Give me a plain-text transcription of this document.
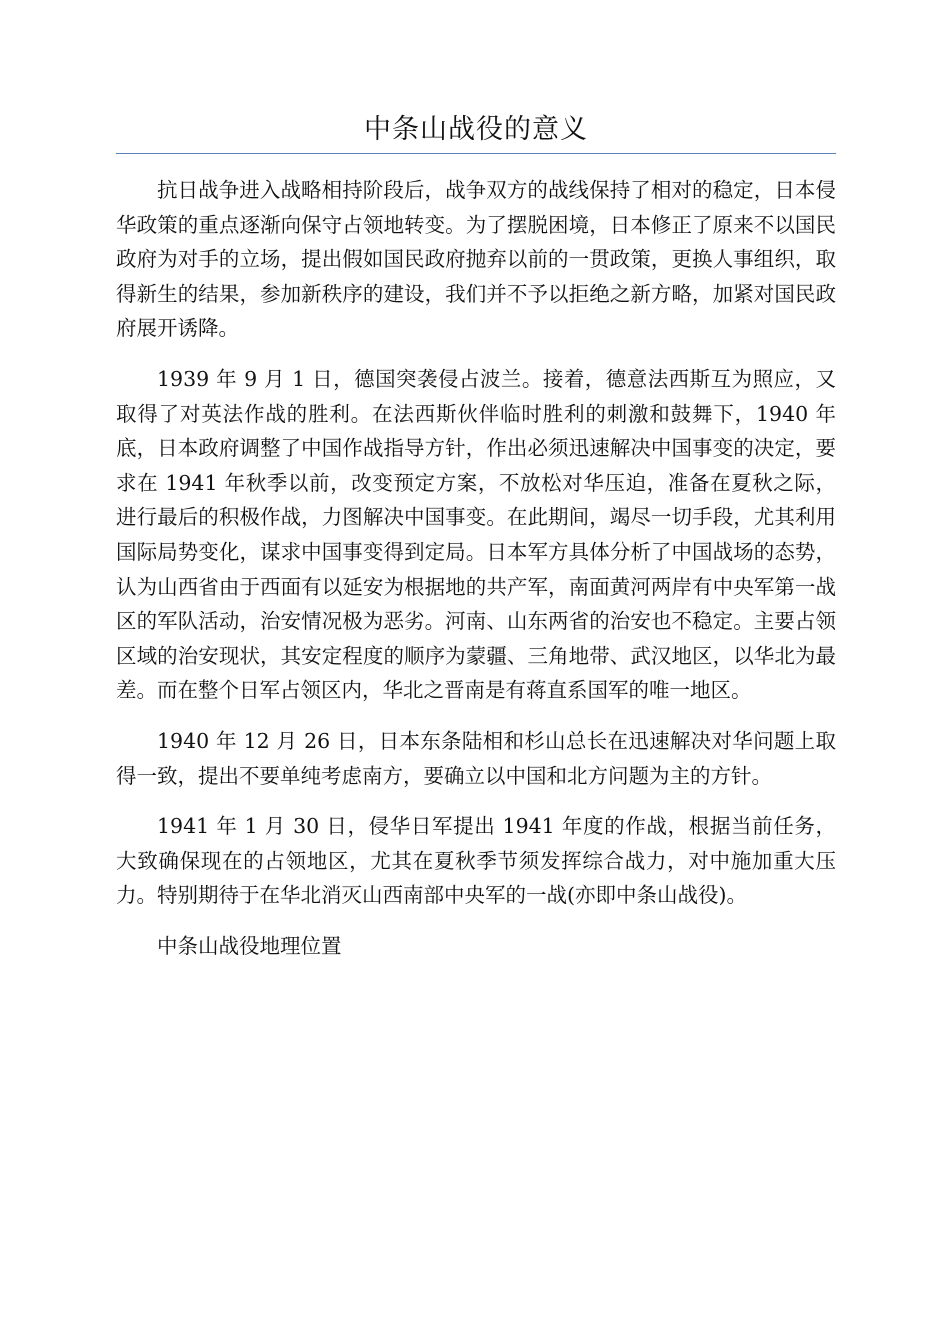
中条山战役的意义

抗日战争进入战略相持阶段后，战争双方的战线保持了相对的稳定，日本侵华政策的重点逐渐向保守占领地转变。为了摆脱困境，日本修正了原来不以国民政府为对手的立场，提出假如国民政府抛弃以前的一贯政策，更换人事组织，取得新生的结果，参加新秩序的建设，我们并不予以拒绝之新方略，加紧对国民政府展开诱降。

1939 年 9 月 1 日，德国突袭侵占波兰。接着，德意法西斯互为照应，又取得了对英法作战的胜利。在法西斯伙伴临时胜利的刺激和鼓舞下，1940 年底，日本政府调整了中国作战指导方针，作出必须迅速解决中国事变的决定，要求在 1941 年秋季以前，改变预定方案，不放松对华压迫，准备在夏秋之际，进行最后的积极作战，力图解决中国事变。在此期间，竭尽一切手段，尤其利用国际局势变化，谋求中国事变得到定局。日本军方具体分析了中国战场的态势，认为山西省由于西面有以延安为根据地的共产军，南面黄河两岸有中央军第一战区的军队活动，治安情况极为恶劣。河南、山东两省的治安也不稳定。主要占领区域的治安现状，其安定程度的顺序为蒙疆、三角地带、武汉地区，以华北为最差。而在整个日军占领区内，华北之晋南是有蒋直系国军的唯一地区。

1940 年 12 月 26 日，日本东条陆相和杉山总长在迅速解决对华问题上取得一致，提出不要单纯考虑南方，要确立以中国和北方问题为主的方针。

1941 年 1 月 30 日，侵华日军提出 1941 年度的作战，根据当前任务，大致确保现在的占领地区，尤其在夏秋季节须发挥综合战力，对中施加重大压力。特别期待于在华北消灭山西南部中央军的一战(亦即中条山战役)。

中条山战役地理位置
